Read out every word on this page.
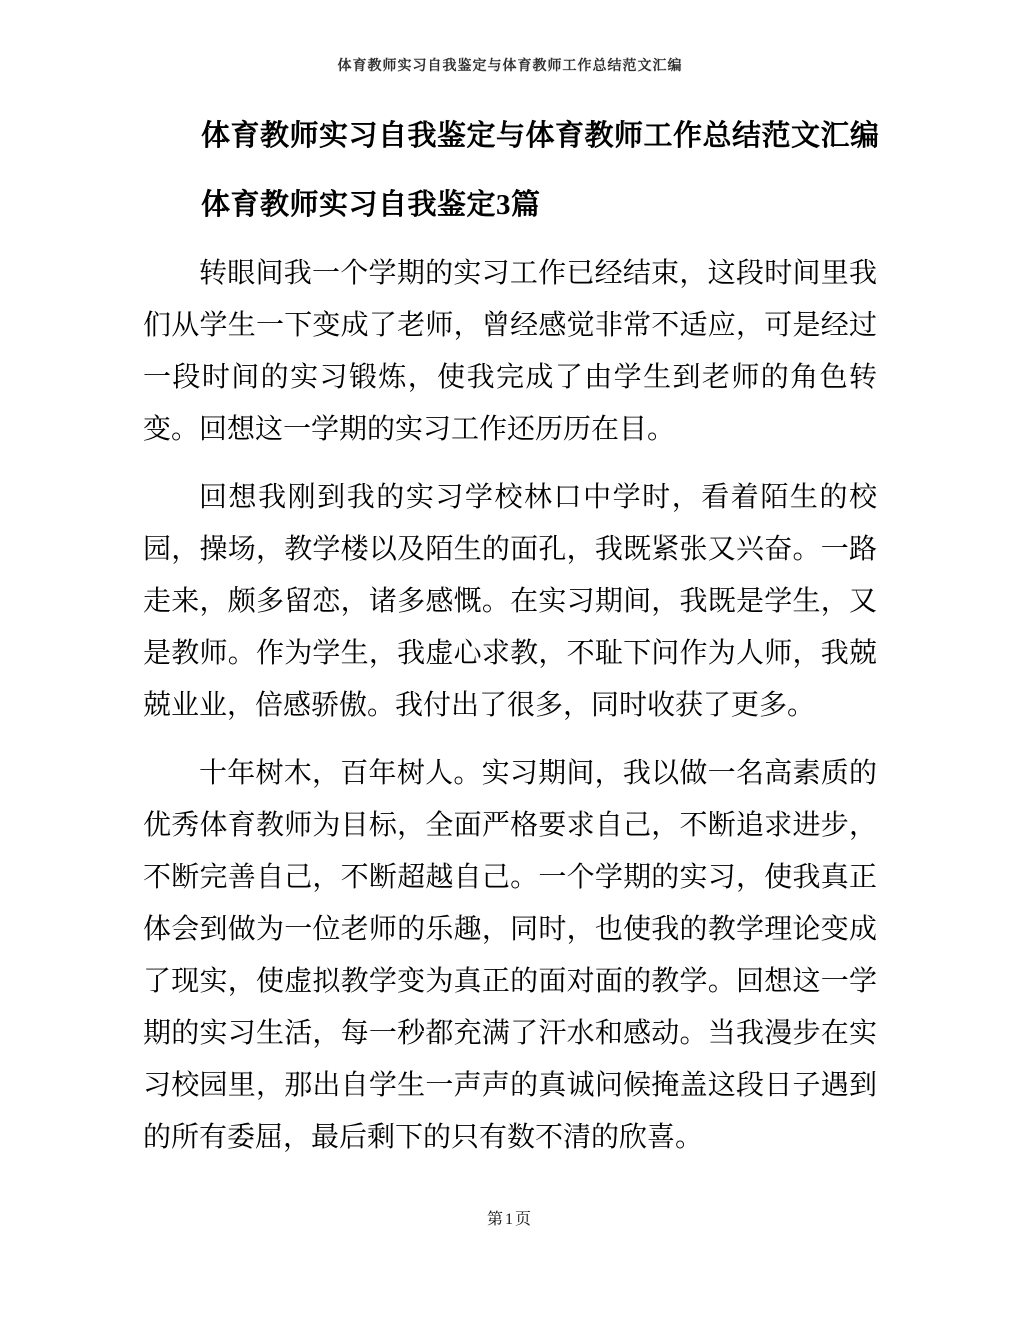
体育教师实习自我鉴定与体育教师工作总结范文汇编
体育教师实习自我鉴定与体育教师工作总结范文汇编
体育教师实习自我鉴定3篇

转眼间我一个学期的实习工作已经结束，这段时间里我们从学生一下变成了老师，曾经感觉非常不适应，可是经过一段时间的实习锻炼，使我完成了由学生到老师的角色转变。回想这一学期的实习工作还历历在目。

回想我刚到我的实习学校林口中学时，看着陌生的校园，操场，教学楼以及陌生的面孔，我既紧张又兴奋。一路走来，颇多留恋，诸多感慨。在实习期间，我既是学生，又是教师。作为学生，我虚心求教，不耻下问作为人师，我兢兢业业，倍感骄傲。我付出了很多，同时收获了更多。

十年树木，百年树人。实习期间，我以做一名高素质的优秀体育教师为目标，全面严格要求自己，不断追求进步，不断完善自己，不断超越自己。一个学期的实习，使我真正体会到做为一位老师的乐趣，同时，也使我的教学理论变成了现实，使虚拟教学变为真正的面对面的教学。回想这一学期的实习生活，每一秒都充满了汗水和感动。当我漫步在实习校园里，那出自学生一声声的真诚问候掩盖这段日子遇到的所有委屈，最后剩下的只有数不清的欣喜。

第1页
